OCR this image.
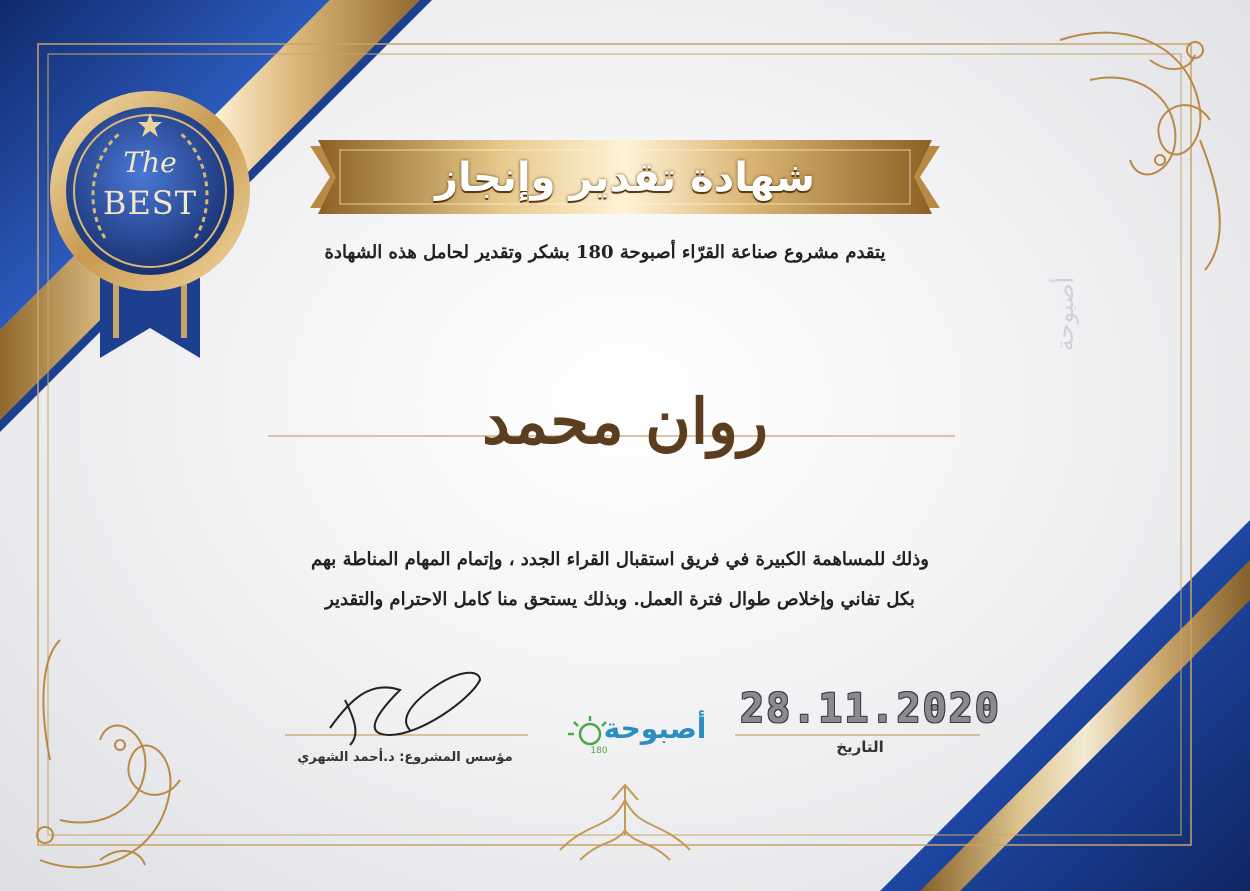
شهادة تقدير وإنجاز
The
BEST
يتقدم مشروع صناعة القرّاء أصبوحة 180 بشكر وتقدير لحامل هذه الشهادة
روان محمد
وذلك للمساهمة الكبيرة في فريق استقبال القراء الجدد ، وإتمام المهام المناطة بهم
بكل تفاني وإخلاص طوال فترة العمل. وبذلك يستحق منا كامل الاحترام والتقدير
28.11.2020
التاريخ
مؤسس المشروع: د.أحمد الشهري
أصبوحة
180
أصبوحة
